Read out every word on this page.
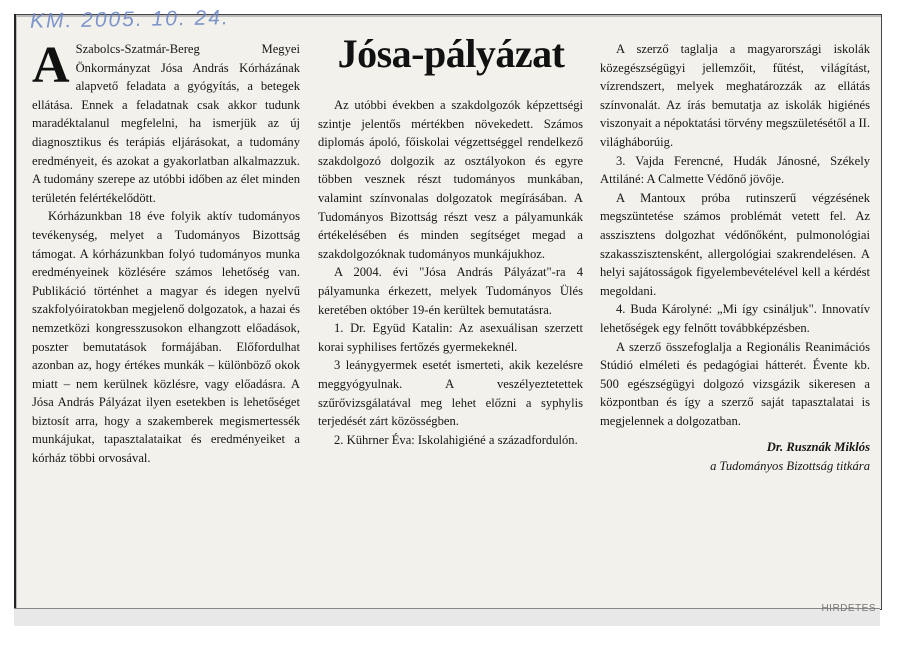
KM. 2005. 10. 24.
Jósa-pályázat
A Szabolcs-Szatmár-Bereg Megyei Önkormányzat Jósa András Kórházának alapvető feladata a gyógyítás, a betegek ellátása. Ennek a feladatnak csak akkor tudunk maradéktalanul megfelelni, ha ismerjük az új diagnosztikus és terápiás eljárásokat, a tudomány eredményeit, és azokat a gyakorlatban alkalmazzuk. A tudomány szerepe az utóbbi időben az élet minden területén felértékelődött.

Kórházunkban 18 éve folyik aktív tudományos tevékenység, melyet a Tudományos Bizottság támogat. A kórházunkban folyó tudományos munka eredményeinek közlésére számos lehetőség van. Publikáció történhet a magyar és idegen nyelvű szakfolyóiratokban megjelenő dolgozatok, a hazai és nemzetközi kongresszusokon elhangzott előadások, poszter bemutatások formájában. Előfordulhat azonban az, hogy értékes munkák – különböző okok miatt – nem kerülnek közlésre, vagy előadásra. A Jósa András Pályázat ilyen esetekben is lehetőséget biztosít arra, hogy a szakemberek megismertessék munkájukat, tapasztalataikat és eredményeiket a kórház többi orvosával.

Az utóbbi években a szakdolgozók képzettségi szintje jelentős mértékben növekedett. Számos diplomás ápoló, főiskolai végzettséggel rendelkező szakdolgozó dolgozik az osztályokon és egyre többen vesznek részt tudományos munkában, valamint színvonalas dolgozatok megírásában. A Tudományos Bizottság részt vesz a pályamunkák értékelésében és minden segítséget megad a szakdolgozóknak tudományos munkájukhoz.

A 2004. évi "Jósa András Pályázat"-ra 4 pályamunka érkezett, melyek Tudományos Ülés keretében október 19-én kerültek bemutatásra.

1. Dr. Együd Katalin: Az asexuálisan szerzett korai syphilises fertőzés gyermekeknél.

3 leánygyermek esetét ismerteti, akik kezelésre meggyógyulnak. A veszélyeztetettek szűrővizsgálatával meg lehet előzni a syphylis terjedését zárt közösségben.

2. Kührner Éva: Iskolahigiéné a századfordulón.

A szerző taglalja a magyarországi iskolák közegészségügyi jellemzőit, fűtést, világítást, vízrendszert, melyek meghatározzák az ellátás színvonalát. Az írás bemutatja az iskolák higiénés viszonyait a népoktatási törvény megszületésétől a II. világháborúig.

3. Vajda Ferencné, Hudák Jánosné, Székely Attiláné: A Calmette Védőnő jövője.

A Mantoux próba rutinszerű végzésének megszüntetése számos problémát vetett fel. Az asszisztens dolgozhat védőnőként, pulmonológiai szakasszisztensként, allergológiai szakrendelésen. A helyi sajátosságok figyelembevételével kell a kérdést megoldani.

4. Buda Károlyné: „Mi így csináljuk". Innovatív lehetőségek egy felnőtt továbbképzésben.

A szerző összefoglalja a Regionális Reanimációs Stúdió elméleti és pedagógiai hátterét. Évente kb. 500 egészségügyi dolgozó vizsgázik sikeresen a központban és így a szerző saját tapasztalatai is megjelennek a dolgozatban.

Dr. Rusznák Miklós
a Tudományos Bizottság titkára
HIRDETES
